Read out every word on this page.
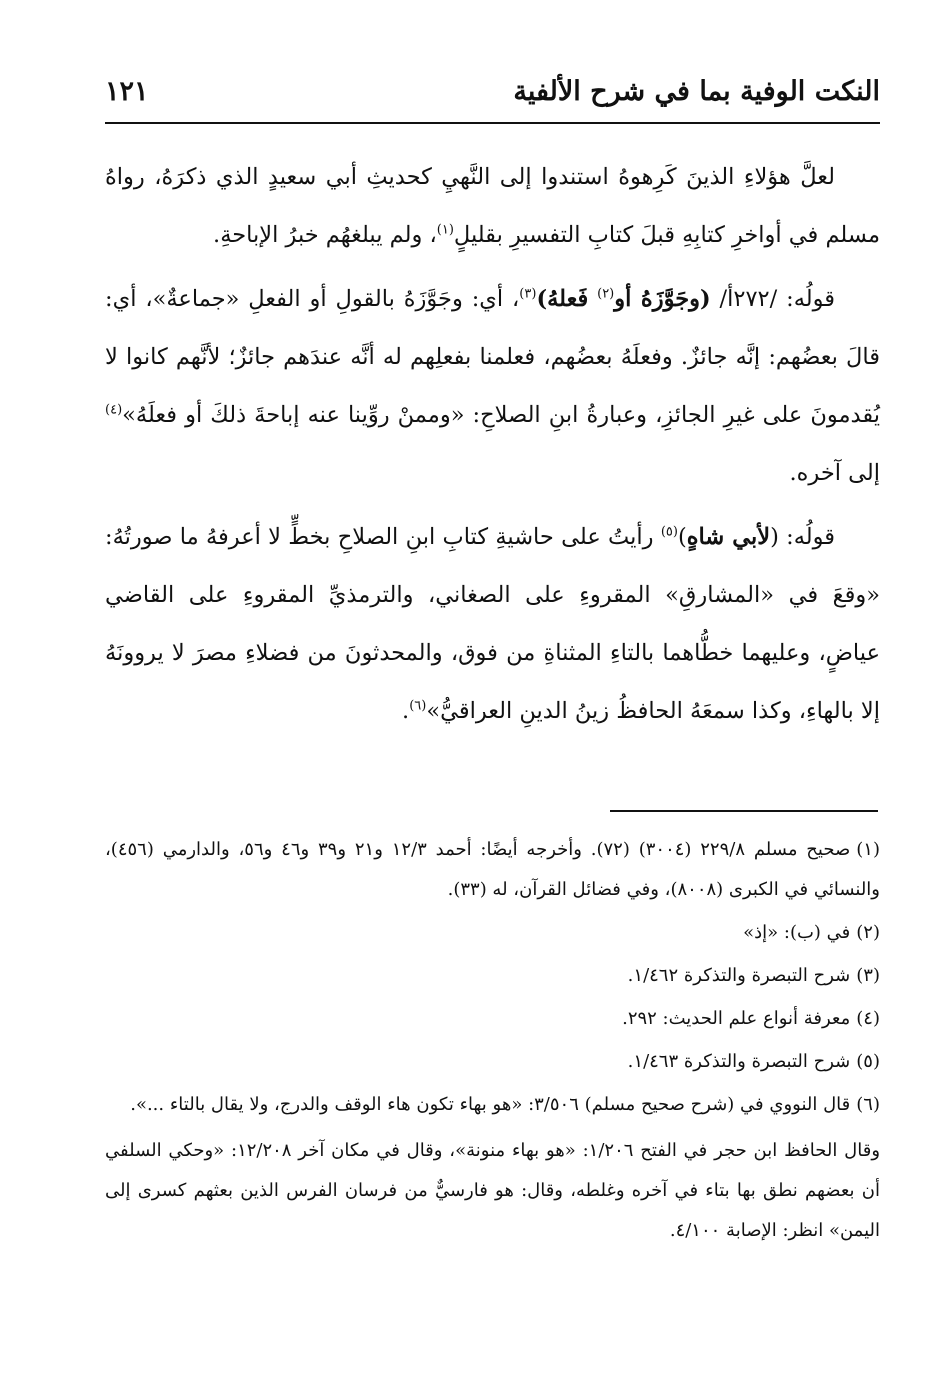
النكت الوفية بما في شرح الألفية
١٢١

لعلَّ هؤلاءِ الذينَ كَرِهوهُ استندوا إلى النَّهيِ كحديثِ أبي سعيدٍ الذي ذكرَهُ، رواهُ مسلم في أواخرِ كتابِهِ قبلَ كتابِ التفسيرِ بقليلٍ$^{(١)}$، ولم يبلغهُم خبرُ الإباحةِ.

قولُه: /٢٧٢أ/ (وجَوَّزَهُ أو$^{(٢)}$ فَعلهُ)$^{(٣)}$، أي: وجَوَّزَهُ بالقولِ أو الفعلِ «جماعةٌ»، أي: قالَ بعضُهم: إنَّه جائزٌ. وفعلَهُ بعضُهم، فعلمنا بفعلِهم له أنَّه عندَهم جائزٌ؛ لأنَّهم كانوا لا يُقدمونَ على غيرِ الجائزِ، وعبارةُ ابنِ الصلاحِ: «وممنْ روِّينا عنه إباحةَ ذلكَ أو فعلَهُ»$^{(٤)}$ إلى آخره.

قولُه: (لأبي شاهٍ)$^{(٥)}$ رأيتُ على حاشيةِ كتابِ ابنِ الصلاحِ بخطٍّ لا أعرفهُ ما صورتُهُ: «وقعَ في «المشارقِ» المقروءِ على الصغاني، والترمذيِّ المقروءِ على القاضي عياضٍ، وعليهما خطُّاهما بالتاءِ المثناةِ من فوق، والمحدثونَ من فضلاءِ مصرَ لا يروونَهُ إلا بالهاءِ، وكذا سمعَهُ الحافظُ زينُ الدينِ العراقيُّ»$^{(٦)}$.

(١)صحيح مسلم ٢٢٩/٨ (٣٠٠٤) (٧٢). وأخرجه أيضًا: أحمد ١٢/٣ و٢١ و٣٩ و٤٦ و٥٦، والدارمي (٤٥٦)، والنسائي في الكبرى (٨٠٠٨)، وفي فضائل القرآن، له (٣٣).

(٢)في (ب): «إذ»

(٣)شرح التبصرة والتذكرة ١/٤٦٢.

(٤)معرفة أنواع علم الحديث: ٢٩٢.

(٥)شرح التبصرة والتذكرة ١/٤٦٣.

(٦)قال النووي في (شرح صحيح مسلم) ٣/٥٠٦: «هو بهاء تكون هاء الوقف والدرج، ولا يقال بالتاء ...».

وقال الحافظ ابن حجر في الفتح ١/٢٠٦: «هو بهاء منونة»، وقال في مكان آخر ١٢/٢٠٨: «وحكي السلفي أن بعضهم نطق بها بتاء في آخره وغلطه، وقال: هو فارسيٌّ من فرسان الفرس الذين بعثهم كسرى إلى اليمن» انظر: الإصابة ٤/١٠٠.
